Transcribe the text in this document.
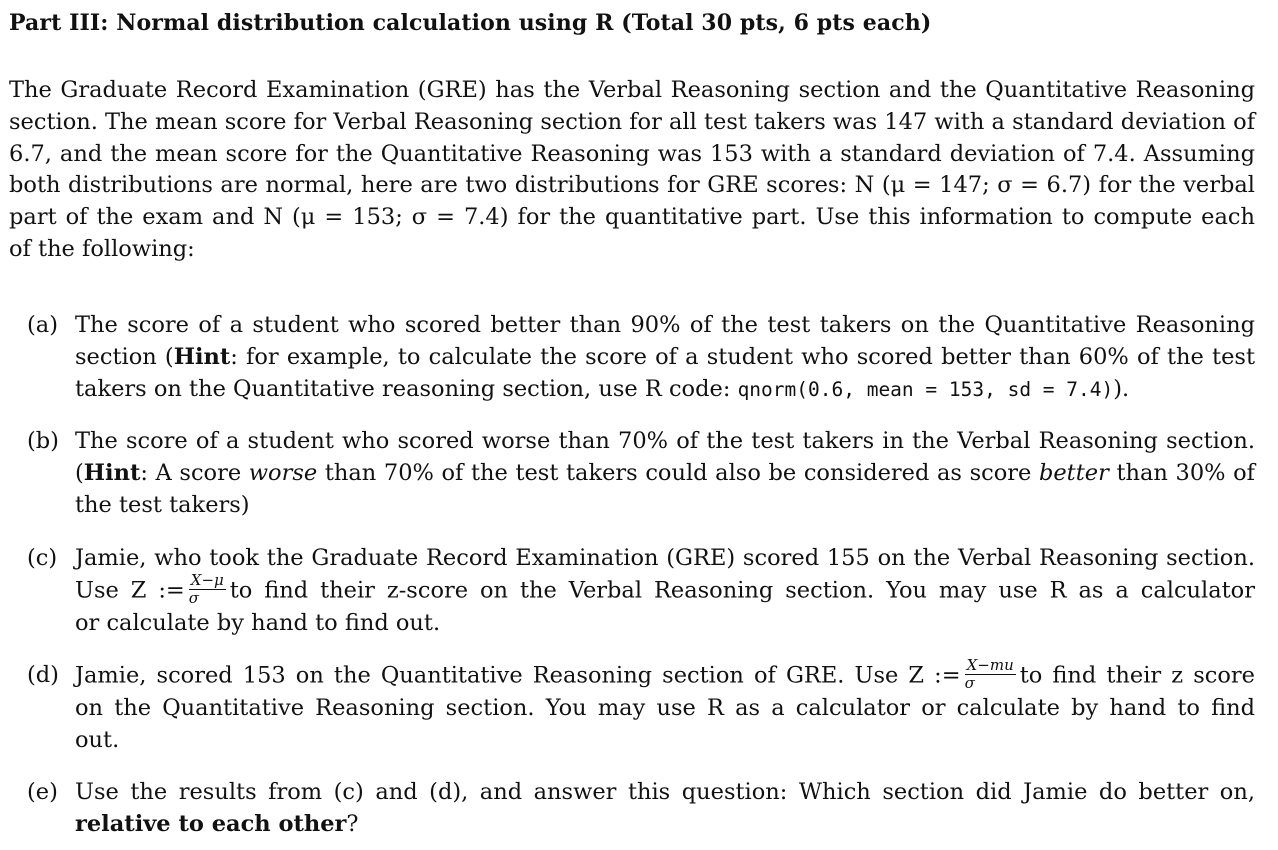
Part III: Normal distribution calculation using R (Total 30 pts, 6 pts each)
The Graduate Record Examination (GRE) has the Verbal Reasoning section and the Quantitative Reasoning
section. The mean score for Verbal Reasoning section for all test takers was 147 with a standard deviation of
6.7, and the mean score for the Quantitative Reasoning was 153 with a standard deviation of 7.4. Assuming
both distributions are normal, here are two distributions for GRE scores: N (μ = 147; σ = 6.7) for the verbal
part of the exam and N (μ = 153; σ = 7.4) for the quantitative part. Use this information to compute each
of the following:
(a) The score of a student who scored better than 90% of the test takers on the Quantitative Reasoning
section (Hint: for example, to calculate the score of a student who scored better than 60% of the test
takers on the Quantitative reasoning section, use R code: qnorm(0.6, mean = 153, sd = 7.4)).
(b) The score of a student who scored worse than 70% of the test takers in the Verbal Reasoning section.
(Hint: A score worse than 70% of the test takers could also be considered as score better than 30% of
the test takers)
(c) Jamie, who took the Graduate Record Examination (GRE) scored 155 on the Verbal Reasoning section.
Use Z := $\frac{X-\mu}{\sigma}$ to find their z-score on the Verbal Reasoning section. You may use R as a calculator
or calculate by hand to find out.
(d) Jamie, scored 153 on the Quantitative Reasoning section of GRE. Use Z := $\frac{X-mu}{\sigma}$ to find their z score
on the Quantitative Reasoning section. You may use R as a calculator or calculate by hand to find
out.
(e) Use the results from (c) and (d), and answer this question: Which section did Jamie do better on,
relative to each other?
